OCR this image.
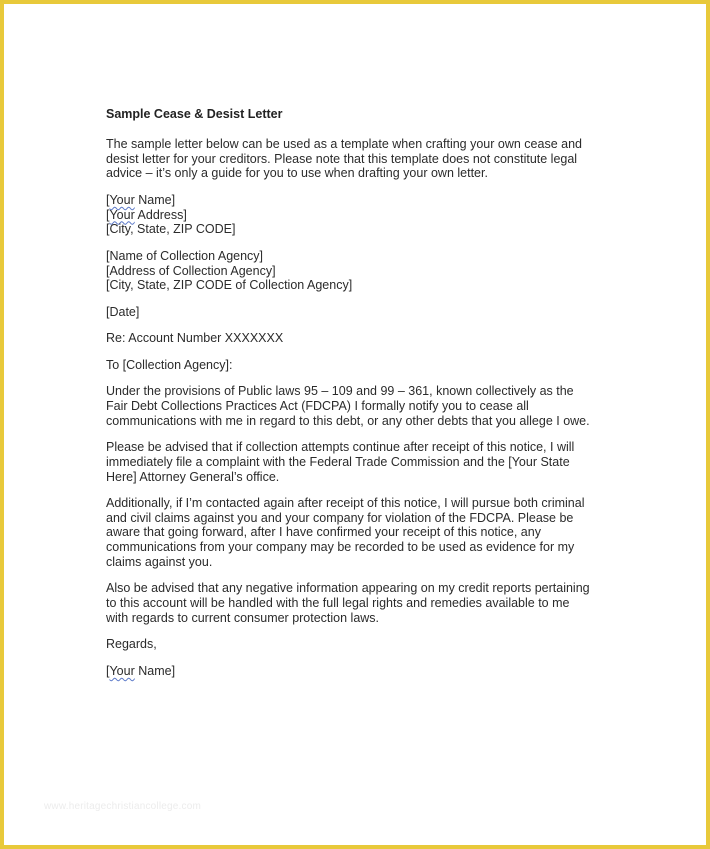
Sample Cease & Desist Letter
The sample letter below can be used as a template when crafting your own cease and
desist letter for your creditors. Please note that this template does not constitute legal
advice – it’s only a guide for you to use when drafting your own letter.
[Your Name]
[Your Address]
[City, State, ZIP CODE]
[Name of Collection Agency]
[Address of Collection Agency]
[City, State, ZIP CODE of Collection Agency]
[Date]
Re: Account Number XXXXXXX
To [Collection Agency]:
Under the provisions of Public laws 95 – 109 and 99 – 361, known collectively as the
Fair Debt Collections Practices Act (FDCPA) I formally notify you to cease all
communications with me in regard to this debt, or any other debts that you allege I owe.
Please be advised that if collection attempts continue after receipt of this notice, I will
immediately file a complaint with the Federal Trade Commission and the [Your State
Here] Attorney General’s office.
Additionally, if I’m contacted again after receipt of this notice, I will pursue both criminal
and civil claims against you and your company for violation of the FDCPA. Please be
aware that going forward, after I have confirmed your receipt of this notice, any
communications from your company may be recorded to be used as evidence for my
claims against you.
Also be advised that any negative information appearing on my credit reports pertaining
to this account will be handled with the full legal rights and remedies available to me
with regards to current consumer protection laws.
Regards,
[Your Name]
www.heritagechristiancollege.com
